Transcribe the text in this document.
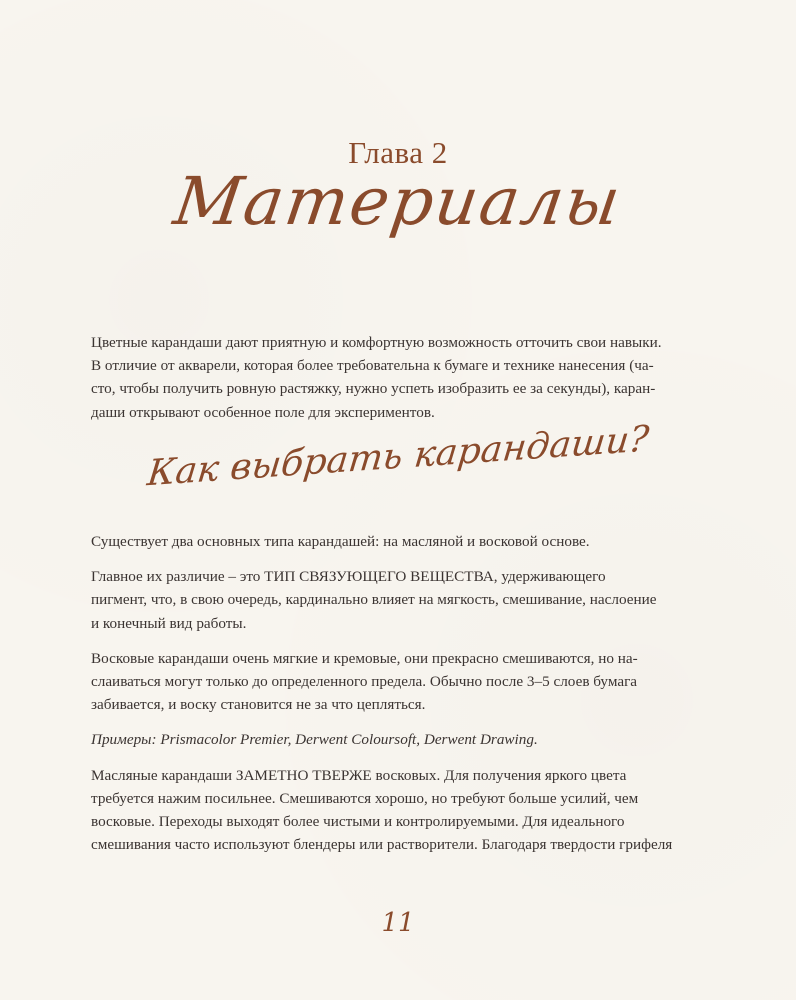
Глава 2
Материалы
Цветные карандаши дают приятную и комфортную возможность отточить свои навыки.
В отличие от акварели, которая более требовательна к бумаге и технике нанесения (ча-
сто, чтобы получить ровную растяжку, нужно успеть изобразить ее за секунды), каран-
даши открывают особенное поле для экспериментов.
Как выбрать карандаши?

Существует два основных типа карандашей: на масляной и восковой основе.

Главное их различие – это ТИП СВЯЗУЮЩЕГО ВЕЩЕСТВА, удерживающего
пигмент, что, в свою очередь, кардинально влияет на мягкость, смешивание, наслоение
и конечный вид работы.

Восковые карандаши очень мягкие и кремовые, они прекрасно смешиваются, но на-
слаиваться могут только до определенного предела. Обычно после 3–5 слоев бумага
забивается, и воску становится не за что цепляться.

Примеры: Prismacolor Premier, Derwent Coloursoft, Derwent Drawing.

Масляные карандаши ЗАМЕТНО ТВЕРЖЕ восковых. Для получения яркого цвета
требуется нажим посильнее. Смешиваются хорошо, но требуют больше усилий, чем
восковые. Переходы выходят более чистыми и контролируемыми. Для идеального
смешивания часто используют блендеры или растворители. Благодаря твердости грифеля

11
